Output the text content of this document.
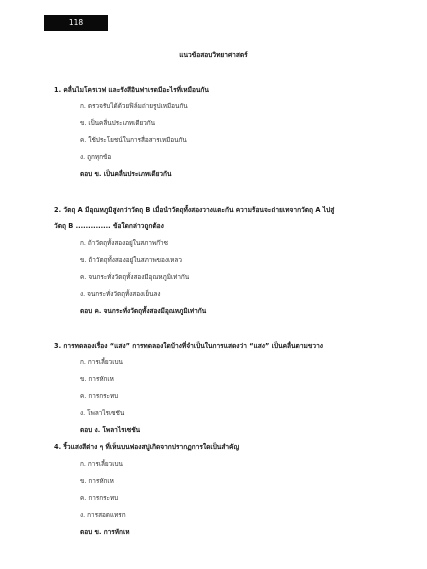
118
แนวข้อสอบวิทยาศาสตร์
1. คลื่นไมโครเวฟ และรังสีอินฟาเรดมีอะไรที่เหมือนกัน
ก. ตรวจรับได้ด้วยฟิล์มถ่ายรูปเหมือนกัน
ข. เป็นคลื่นประเภทเดียวกัน
ค. ใช้ประโยชน์ในการสื่อสารเหมือนกัน
ง. ถูกทุกข้อ
ตอบ ข. เป็นคลื่นประเภทเดียวกัน
2. วัตถุ A มีอุณหภูมิสูงกว่าวัตถุ B เมื่อนำวัตถุทั้งสองวางแตะกัน ความร้อนจะถ่ายเทจากวัตถุ A ไปสู่
วัตถุ B .............. ข้อใดกล่าวถูกต้อง
ก. ถ้าวัตถุทั้งสองอยู่ในสภาพก๊าซ
ข. ถ้าวัตถุทั้งสองอยู่ในสภาพของเหลว
ค. จนกระทั่งวัตถุทั้งสองมีอุณหภูมิเท่ากัน
ง. จนกระทั่งวัตถุทั้งสองเย็นลง
ตอบ ค. จนกระทั่งวัตถุทั้งสองมีอุณหภูมิเท่ากัน
3. การทดลองเรื่อง “แสง” การทดลองใดบ้างที่จำเป็นในการแสดงว่า “แสง” เป็นคลื่นตามขวาง
ก. การเลี้ยวเบน
ข. การหักเห
ค. การกระทบ
ง. โพลาไรเซชัน
ตอบ ง. โพลาไรเซชัน
4. ริ้วแสงสีต่าง ๆ ที่เห็นบนฟองสบู่เกิดจากปรากฏการใดเป็นสำคัญ
ก. การเลี้ยวเบน
ข. การหักเห
ค. การกระทบ
ง. การสอดแทรก
ตอบ ข. การหักเห
